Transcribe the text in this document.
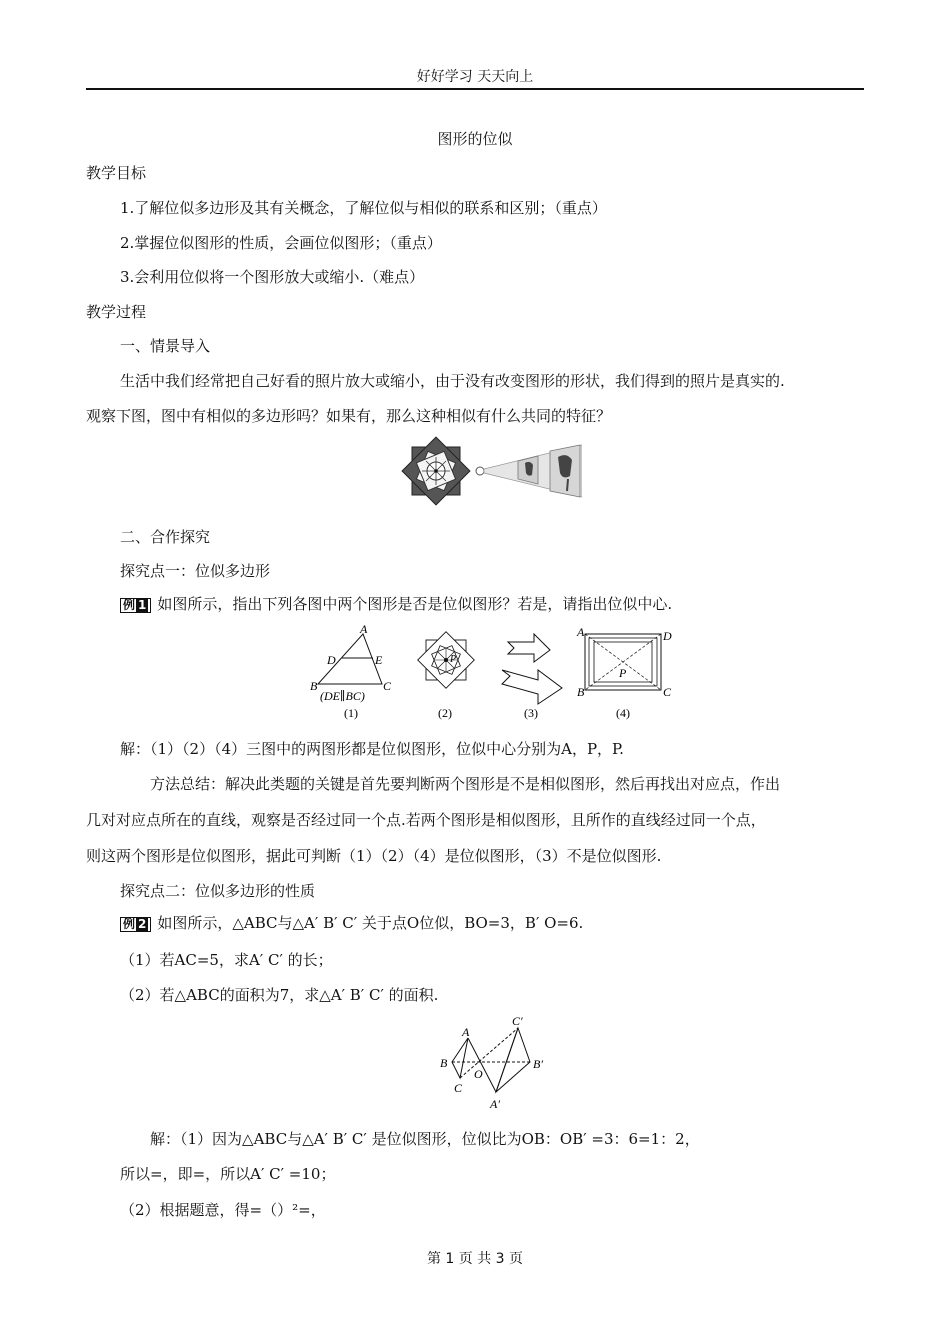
好好学习 天天向上
图形的位似
教学目标
1.了解位似多边形及其有关概念，了解位似与相似的联系和区别；（重点）
2.掌握位似图形的性质，会画位似图形；（重点）
3.会利用位似将一个图形放大或缩小.（难点）
教学过程
一、情景导入
生活中我们经常把自己好看的照片放大或缩小，由于没有改变图形的形状，我们得到的照片是真实的.
观察下图，图中有相似的多边形吗？如果有，那么这种相似有什么共同的特征？
二、合作探究
探究点一：位似多边形
例 1 如图所示，指出下列各图中两个图形是否是位似图形？若是，请指出位似中心.
A
D	E
B	C
(DE∥BC)
(1)
P
(2)	(3)
A	D
B	C
P
(4)
解：（1）（2）（4）三图中的两图形都是位似图形，位似中心分别为A，P，P.
方法总结：解决此类题的关键是首先要判断两个图形是不是相似图形，然后再找出对应点，作出
几对对应点所在的直线，观察是否经过同一个点.若两个图形是相似图形，且所作的直线经过同一个点，
则这两个图形是位似图形，据此可判断（1）（2）（4）是位似图形，（3）不是位似图形.
探究点二：位似多边形的性质
例 2 如图所示，△ABC与△A′ B′ C′ 关于点O位似，BO=3，B′ O=6.
（1）若AC=5，求A′ C′ 的长；
（2）若△ABC的面积为7，求△A′ B′ C′ 的面积.
A
B
C
O
C′
B′
A′
解：（1）因为△ABC与△A′ B′ C′ 是位似图形，位似比为OB：OB′ =3：6=1：2，
所以=，即=，所以A′ C′ =10；
（2）根据题意，得=（）²=，
第 1 页 共 3 页
